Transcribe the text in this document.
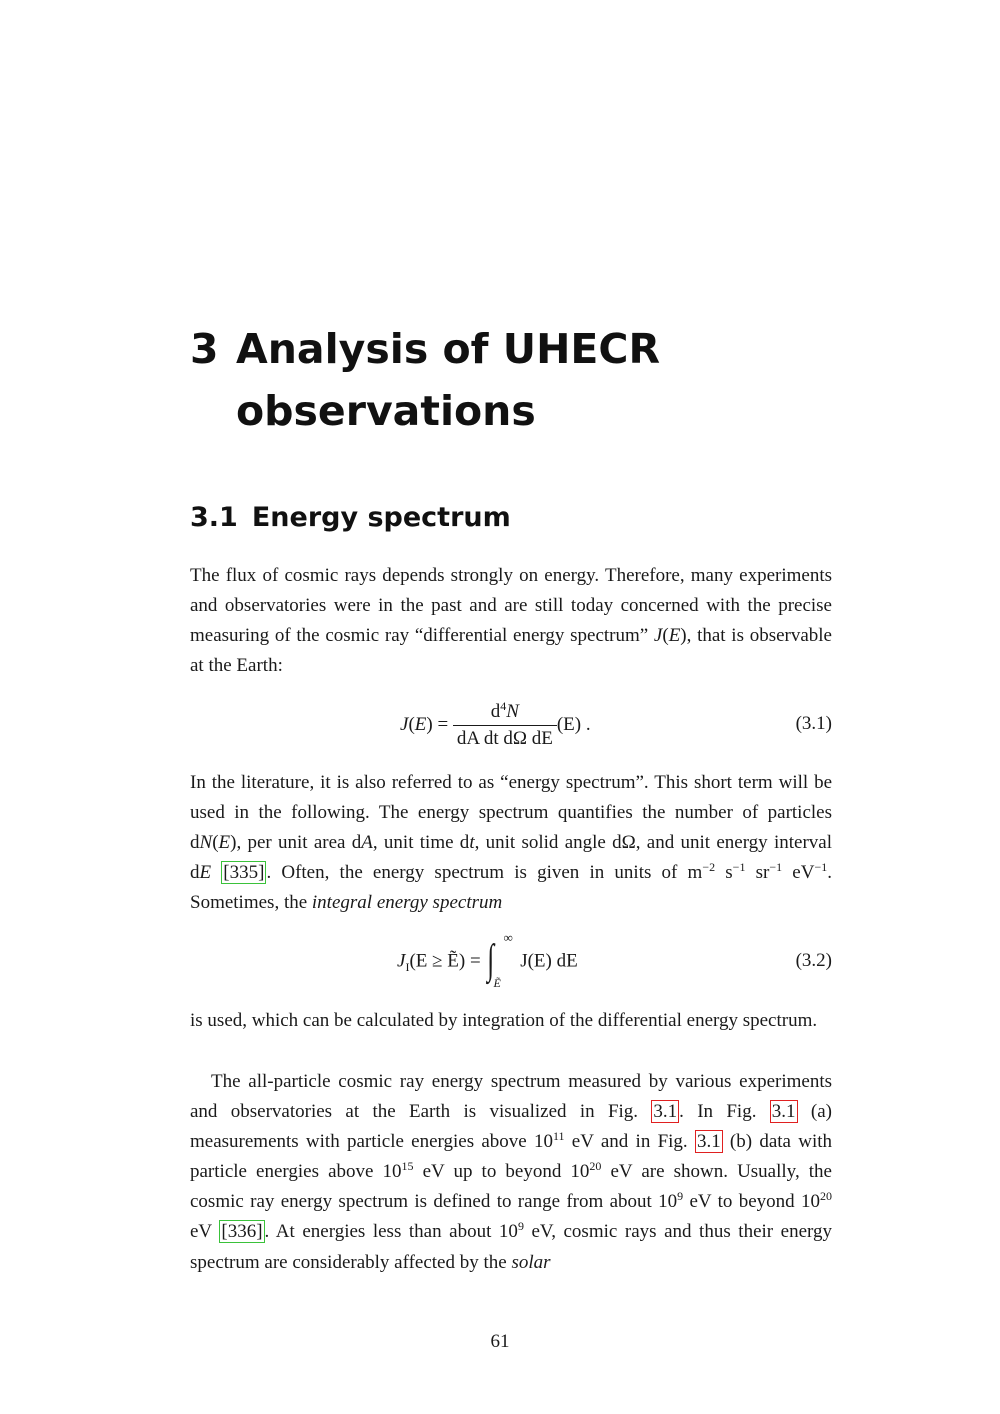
3 Analysis of UHECR observations
3.1 Energy spectrum

The flux of cosmic rays depends strongly on energy. Therefore, many experiments and observatories were in the past and are still today concerned with the precise measuring of the cosmic ray “differential energy spectrum” J(E), that is observable at the Earth:

$J(E) = \frac{d^4N}{\text{dA dt dΩ dE}} (E)$ .	(3.1)

In the literature, it is also referred to as “energy spectrum”. This short term will be used in the following. The energy spectrum quantifies the number of particles dN(E), per unit area dA, unit time dt, unit solid angle dΩ, and unit energy interval dE [335] . Often, the energy spectrum is given in units of $m^{-2}$ $s^{-1}$ $sr^{-1}$ $eV^{-1}$. Sometimes, the integral energy spectrum

$J_I(E$ ≥ Ẽ) = ∫ ∞
Ẽ
J(E) dE	(3.2)

is used, which can be calculated by integration of the differential energy spectrum.

The all-particle cosmic ray energy spectrum measured by various experiments and observatories at the Earth is visualized in Fig. 3.1 . In Fig. 3.1 (a) measurements with particle energies above $10^{11}$ eV and in Fig. 3.1 (b) data with particle energies above $10^{15}$ eV up to beyond $10^{20}$ eV are shown. Usually, the cosmic ray energy spectrum is defined to range from about $10^9$ eV to beyond $10^{20}$ eV [336] . At energies less than about $10^9$ eV, cosmic rays and thus their energy spectrum are considerably affected by the solar

61
